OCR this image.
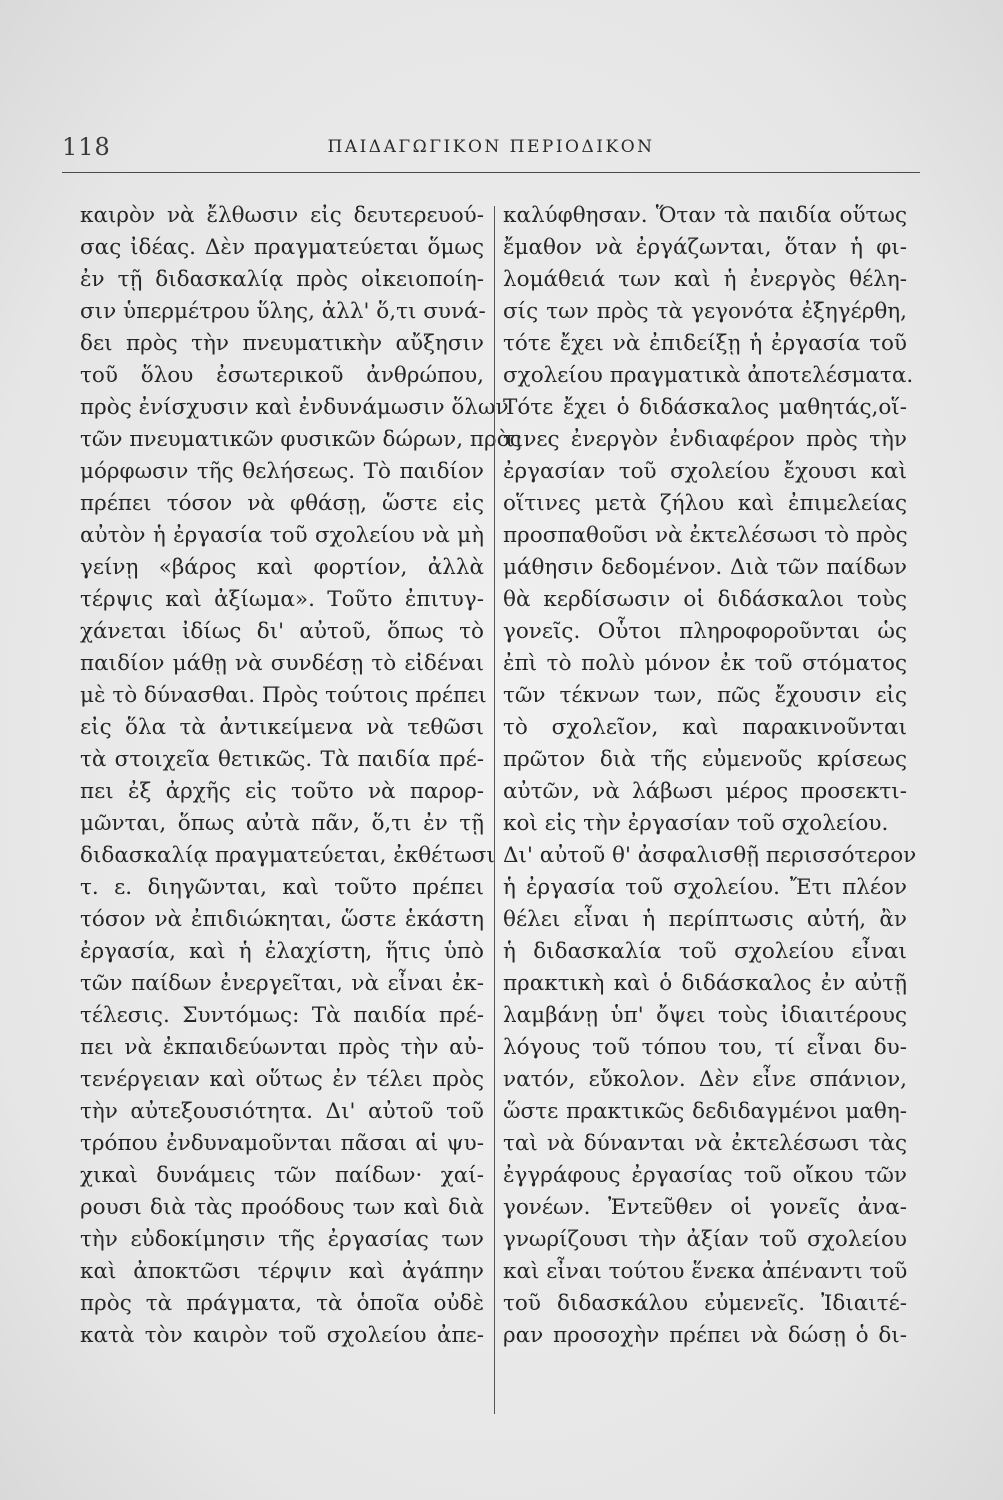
118	ΠΑΙΔΑΓΩΓΙΚΟΝ ΠΕΡΙΟΔΙΚΟΝ
καιρὸν νὰ ἔλθωσιν εἰς δευτερευού-
σας ἰδέας. Δὲν πραγματεύεται ὅμως
ἐν τῇ διδασκαλίᾳ πρὸς οἰκειοποίη-
σιν ὑπερμέτρου ὕλης, ἀλλ' ὅ,τι συνά-
δει πρὸς τὴν πνευματικὴν αὔξησιν
τοῦ ὅλου ἐσωτερικοῦ ἀνθρώπου,
πρὸς ἐνίσχυσιν καὶ ἐνδυνάμωσιν ὅλων
τῶν πνευματικῶν φυσικῶν δώρων, πρὸς
μόρφωσιν τῆς θελήσεως. Τὸ παιδίον
πρέπει τόσον νὰ φθάσῃ, ὥστε εἰς
αὐτὸν ἡ ἐργασία τοῦ σχολείου νὰ μὴ
γείνῃ «βάρος καὶ φορτίον, ἀλλὰ
τέρψις καὶ ἀξίωμα». Τοῦτο ἐπιτυγ-
χάνεται ἰδίως δι' αὐτοῦ, ὅπως τὸ
παιδίον μάθῃ νὰ συνδέσῃ τὸ εἰδέναι
μὲ τὸ δύνασθαι. Πρὸς τούτοις πρέπει
εἰς ὅλα τὰ ἀντικείμενα νὰ τεθῶσι
τὰ στοιχεῖα θετικῶς. Τὰ παιδία πρέ-
πει ἐξ ἀρχῆς εἰς τοῦτο νὰ παρορ-
μῶνται, ὅπως αὐτὰ πᾶν, ὅ,τι ἐν τῇ
διδασκαλίᾳ πραγματεύεται, ἐκθέτωσι
τ. ε. διηγῶνται, καὶ τοῦτο πρέπει
τόσον νὰ ἐπιδιώκηται, ὥστε ἑκάστη
ἐργασία, καὶ ἡ ἐλαχίστη, ἥτις ὑπὸ
τῶν παίδων ἐνεργεῖται, νὰ εἶναι ἐκ-
τέλεσις. Συντόμως: Τὰ παιδία πρέ-
πει νὰ ἐκπαιδεύωνται πρὸς τὴν αὐ-
τενέργειαν καὶ οὕτως ἐν τέλει πρὸς
τὴν αὐτεξουσιότητα. Δι' αὐτοῦ τοῦ
τρόπου ἐνδυναμοῦνται πᾶσαι αἱ ψυ-
χικαὶ δυνάμεις τῶν παίδων· χαί-
ρουσι διὰ τὰς προόδους των καὶ διὰ
τὴν εὐδοκίμησιν τῆς ἐργασίας των
καὶ ἀποκτῶσι τέρψιν καὶ ἀγάπην
πρὸς τὰ πράγματα, τὰ ὁποῖα οὐδὲ
κατὰ τὸν καιρὸν τοῦ σχολείου ἀπε-
καλύφθησαν. Ὅταν τὰ παιδία οὕτως
ἔμαθον νὰ ἐργάζωνται, ὅταν ἡ φι-
λομάθειά των καὶ ἡ ἐνεργὸς θέλη-
σίς των πρὸς τὰ γεγονότα ἐξηγέρθη,
τότε ἔχει νὰ ἐπιδείξῃ ἡ ἐργασία τοῦ
σχολείου πραγματικὰ ἀποτελέσματα.
Τότε ἔχει ὁ διδάσκαλος μαθητάς,οἵ-
τινες ἐνεργὸν ἐνδιαφέρον πρὸς τὴν
ἐργασίαν τοῦ σχολείου ἔχουσι καὶ
οἵτινες μετὰ ζήλου καὶ ἐπιμελείας
προσπαθοῦσι νὰ ἐκτελέσωσι τὸ πρὸς
μάθησιν δεδομένον. Διὰ τῶν παίδων
θὰ κερδίσωσιν οἱ διδάσκαλοι τοὺς
γονεῖς. Οὗτοι πληροφοροῦνται ὡς
ἐπὶ τὸ πολὺ μόνον ἐκ τοῦ στόματος
τῶν τέκνων των, πῶς ἔχουσιν εἰς
τὸ σχολεῖον, καὶ παρακινοῦνται
πρῶτον διὰ τῆς εὐμενοῦς κρίσεως
αὐτῶν, νὰ λάβωσι μέρος προσεκτι-
κοὶ εἰς τὴν ἐργασίαν τοῦ σχολείου.
Δι' αὐτοῦ θ' ἀσφαλισθῇ περισσότερον
ἡ ἐργασία τοῦ σχολείου. Ἔτι πλέον
θέλει εἶναι ἡ περίπτωσις αὐτή, ἂν
ἡ διδασκαλία τοῦ σχολείου εἶναι
πρακτικὴ καὶ ὁ διδάσκαλος ἐν αὐτῇ
λαμβάνῃ ὑπ' ὄψει τοὺς ἰδιαιτέρους
λόγους τοῦ τόπου του, τί εἶναι δυ-
νατόν, εὔκολον. Δὲν εἶνε σπάνιον,
ὥστε πρακτικῶς δεδιδαγμένοι μαθη-
ταὶ νὰ δύνανται νὰ ἐκτελέσωσι τὰς
ἐγγράφους ἐργασίας τοῦ οἴκου τῶν
γονέων. Ἐντεῦθεν οἱ γονεῖς ἀνα-
γνωρίζουσι τὴν ἀξίαν τοῦ σχολείου
καὶ εἶναι τούτου ἕνεκα ἀπέναντι τοῦ
τοῦ διδασκάλου εὐμενεῖς. Ἰδιαιτέ-
ραν προσοχὴν πρέπει νὰ δώσῃ ὁ δι-
